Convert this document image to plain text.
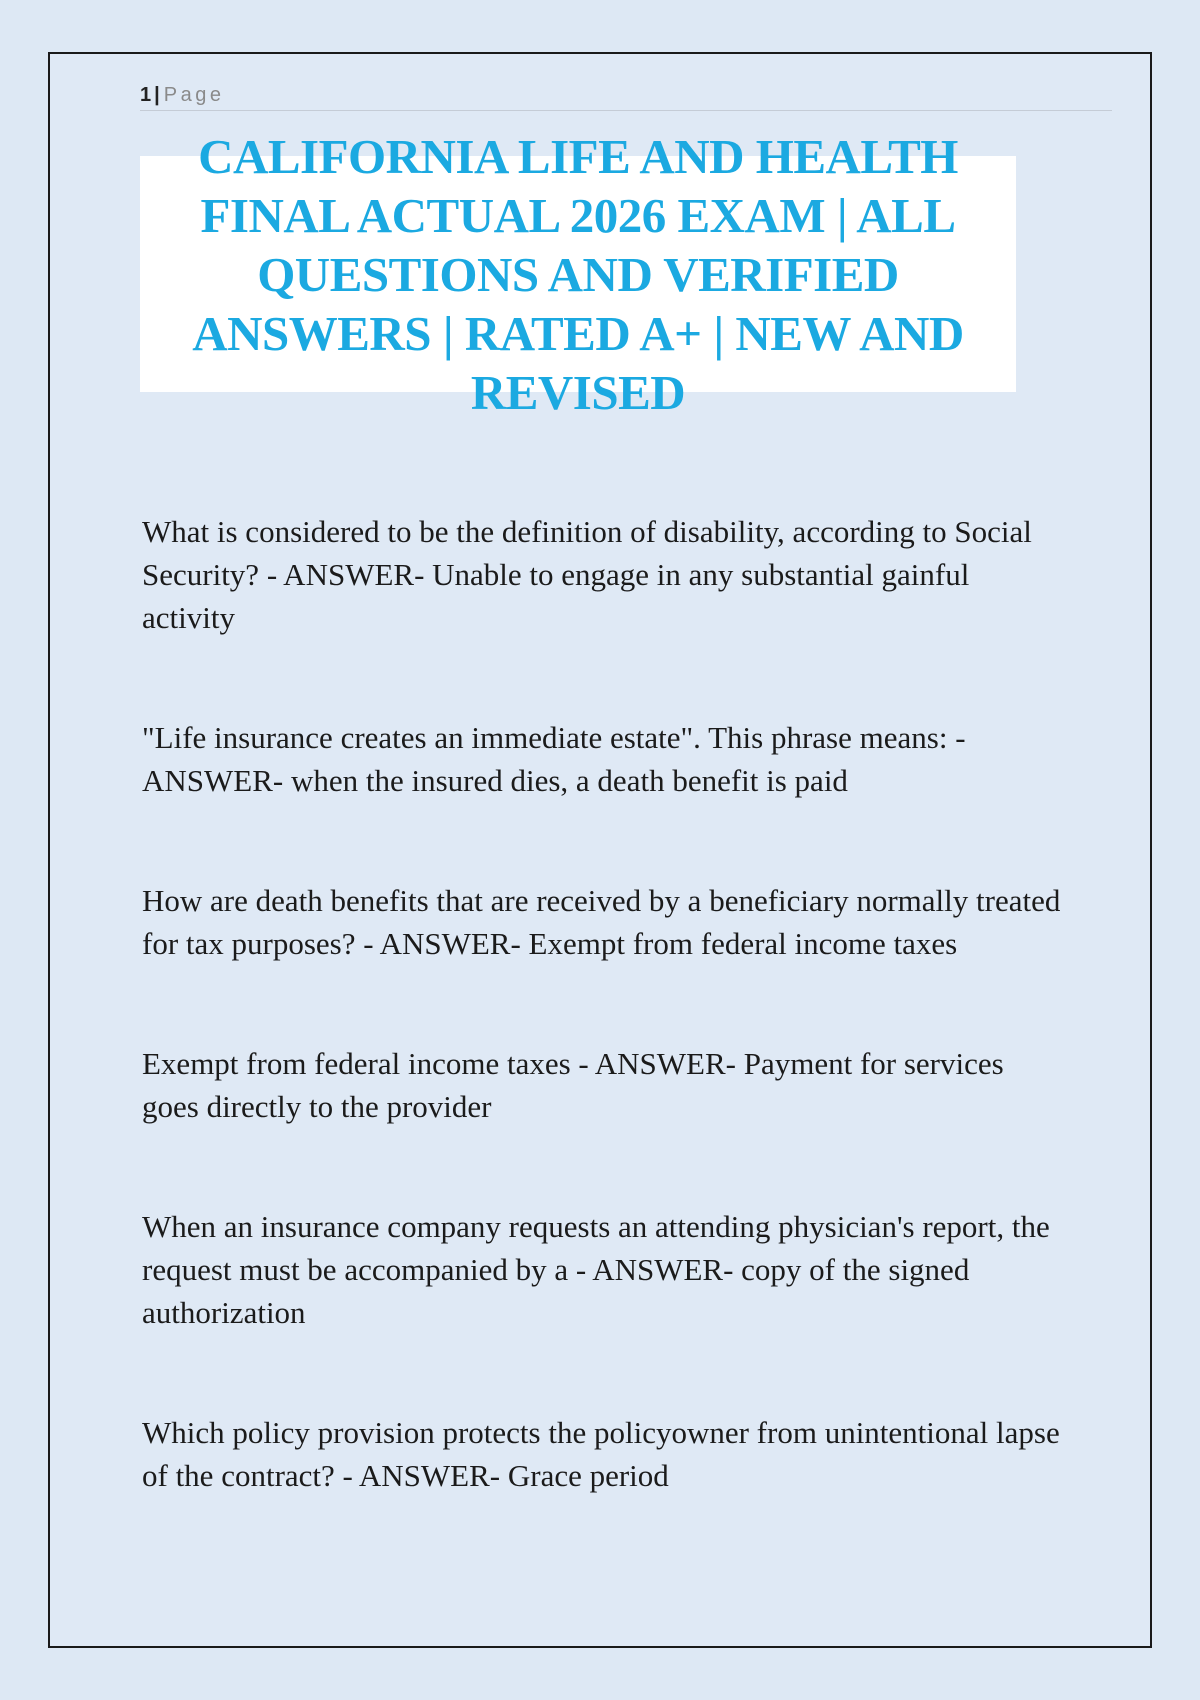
1 | Page
CALIFORNIA LIFE AND HEALTH FINAL ACTUAL 2026 EXAM | ALL QUESTIONS AND VERIFIED ANSWERS | RATED A+ | NEW AND REVISED

What is considered to be the definition of disability, according to Social Security? - ANSWER- Unable to engage in any substantial gainful activity

"Life insurance creates an immediate estate". This phrase means: - ANSWER- when the insured dies, a death benefit is paid

How are death benefits that are received by a beneficiary normally treated for tax purposes? - ANSWER- Exempt from federal income taxes

Exempt from federal income taxes - ANSWER- Payment for services goes directly to the provider

When an insurance company requests an attending physician's report, the request must be accompanied by a - ANSWER- copy of the signed authorization

Which policy provision protects the policyowner from unintentional lapse of the contract? - ANSWER- Grace period
